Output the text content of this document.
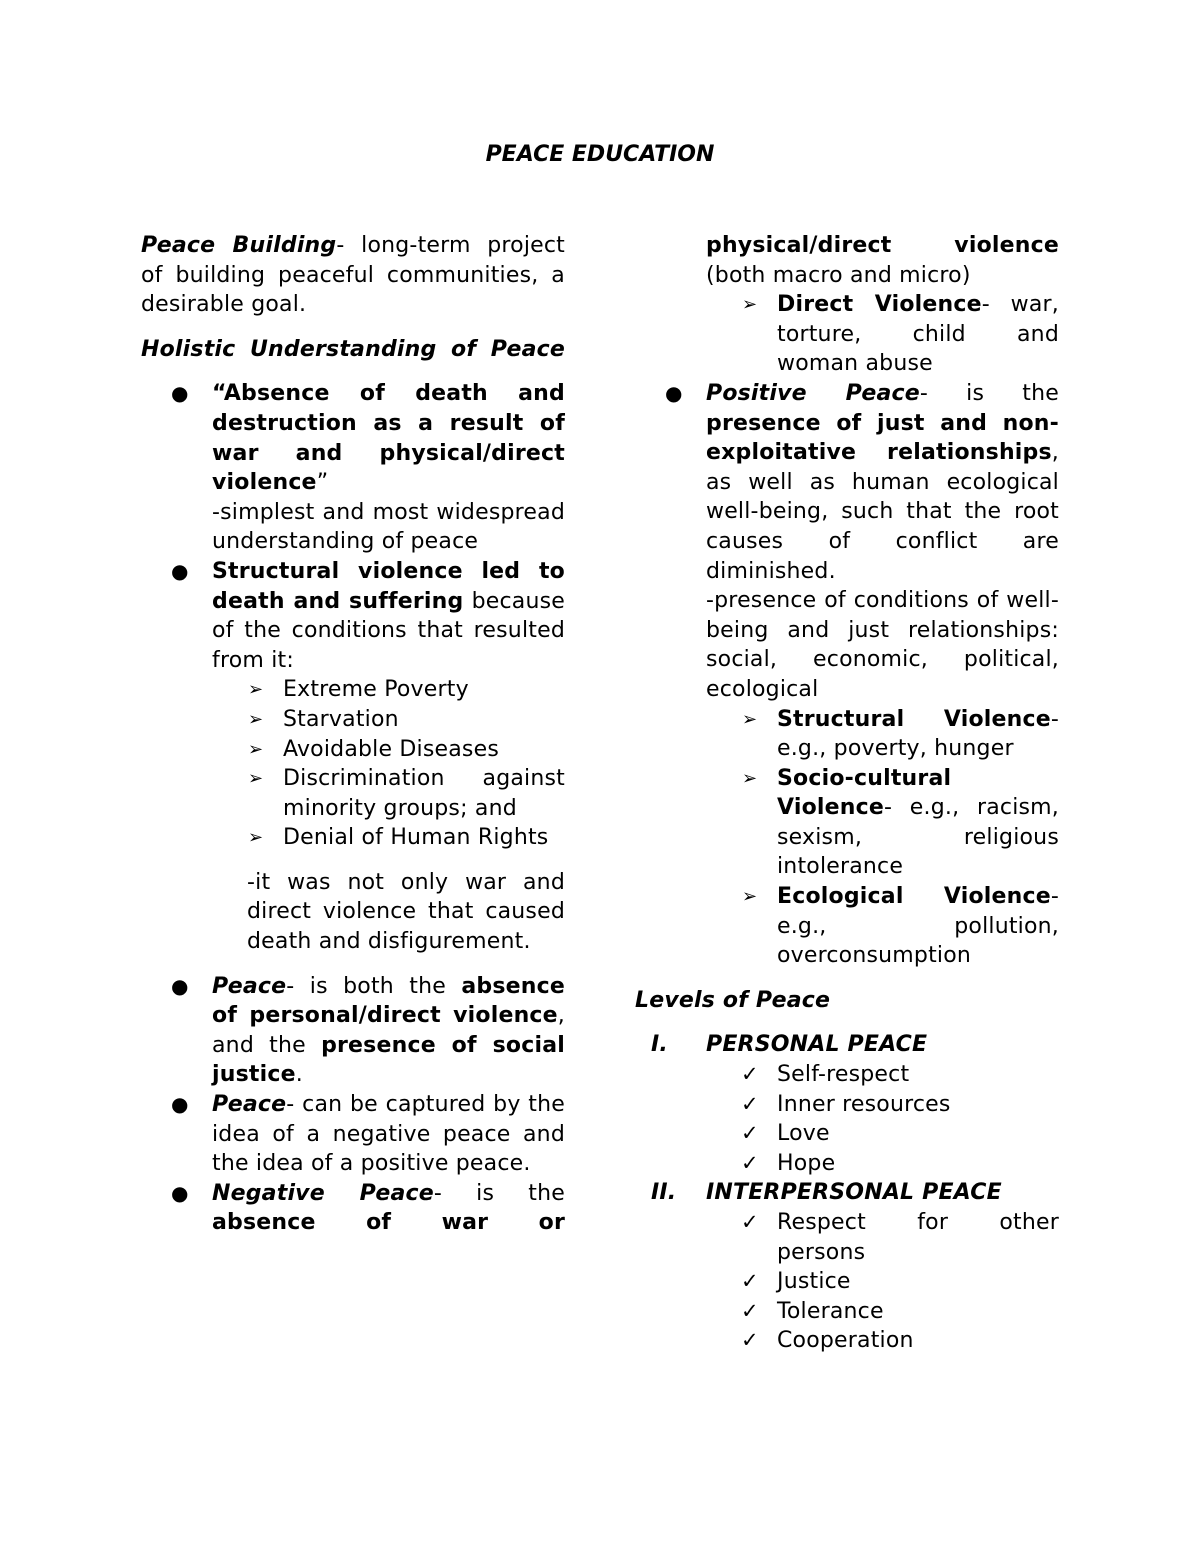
PEACE EDUCATION

Peace Building- long-term project of building peaceful communities, a desirable goal.

Holistic Understanding of Peace

● “Absence of death and destruction as a result of war and physical/direct violence”

-simplest and most widespread understanding of peace

● Structural violence led to death and suffering because of the conditions that resulted from it:

➢ Extreme Poverty
➢ Starvation
➢ Avoidable Diseases
➢ Discrimination against minority groups; and

➢ Denial of Human Rights

-it was not only war and direct violence that caused death and disfigurement.

● Peace- is both the absence of personal/direct violence, and the presence of social justice.

● Peace- can be captured by the idea of a negative peace and the idea of a positive peace.

● Negative Peace- is the absence of war or

physical/direct violence

(both macro and micro)

➢ Direct Violence- war, torture, child and woman abuse

● Positive Peace- is the presence of just and non-exploitative relationships, as well as human ecological well-being, such that the root causes of conflict are diminished.

-presence of conditions of well-being and just relationships: social, economic, political, ecological

➢ Structural Violence- e.g., poverty, hunger

➢ Socio-cultural Violence- e.g., racism, sexism, religious intolerance

➢ Ecological Violence- e.g., pollution, overconsumption

Levels of Peace

I. PERSONAL PEACE
✓ Self-respect
✓ Inner resources
✓ Love
✓ Hope
II. INTERPERSONAL PEACE
✓ Respect for other persons

✓ Justice
✓ Tolerance
✓ Cooperation
